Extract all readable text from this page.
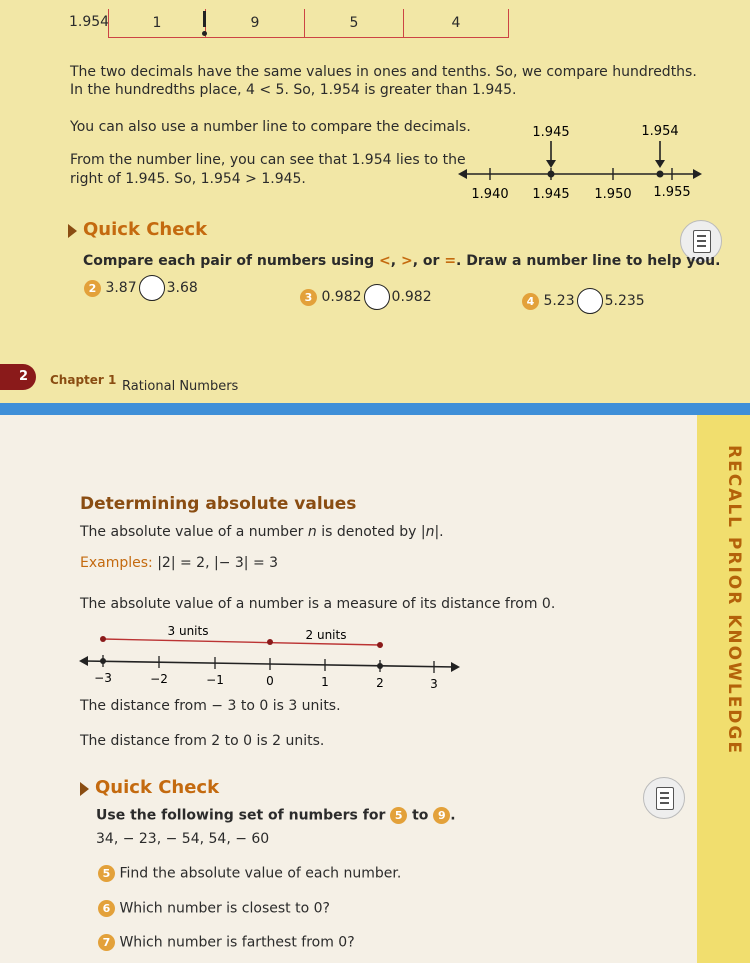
1.954	1	9	5	4
The two decimals have the same values in ones and tenths. So, we compare hundredths.
In the hundredths place, 4 < 5. So, 1.954 is greater than 1.945.
You can also use a number line to compare the decimals.
From the number line, you can see that 1.954 lies to the
right of 1.945. So, 1.954 > 1.945.
1.940 1.945 1.950 1.955
1.945	1.954
Quick Check
Compare each pair of numbers using <, >, or =. Draw a number line to help you.
2 3.87 3.68
3 0.982 0.982	4 5.23 5.235
2	Chapter 1 Rational Numbers
RECALL PRIOR KNOWLEDGE
Determining absolute values
The absolute value of a number n is denoted by |n|.
Examples: |2| = 2, |− 3| = 3
The absolute value of a number is a measure of its distance from 0.
3 units	2 units
−3	−2	−1	0	1	2	3
The distance from − 3 to 0 is 3 units.
The distance from 2 to 0 is 2 units.
Quick Check
Use the following set of numbers for 5 to 9 .
34, − 23, − 54, 54, − 60
5 Find the absolute value of each number.
6 Which number is closest to 0?
7 Which number is farthest from 0?
